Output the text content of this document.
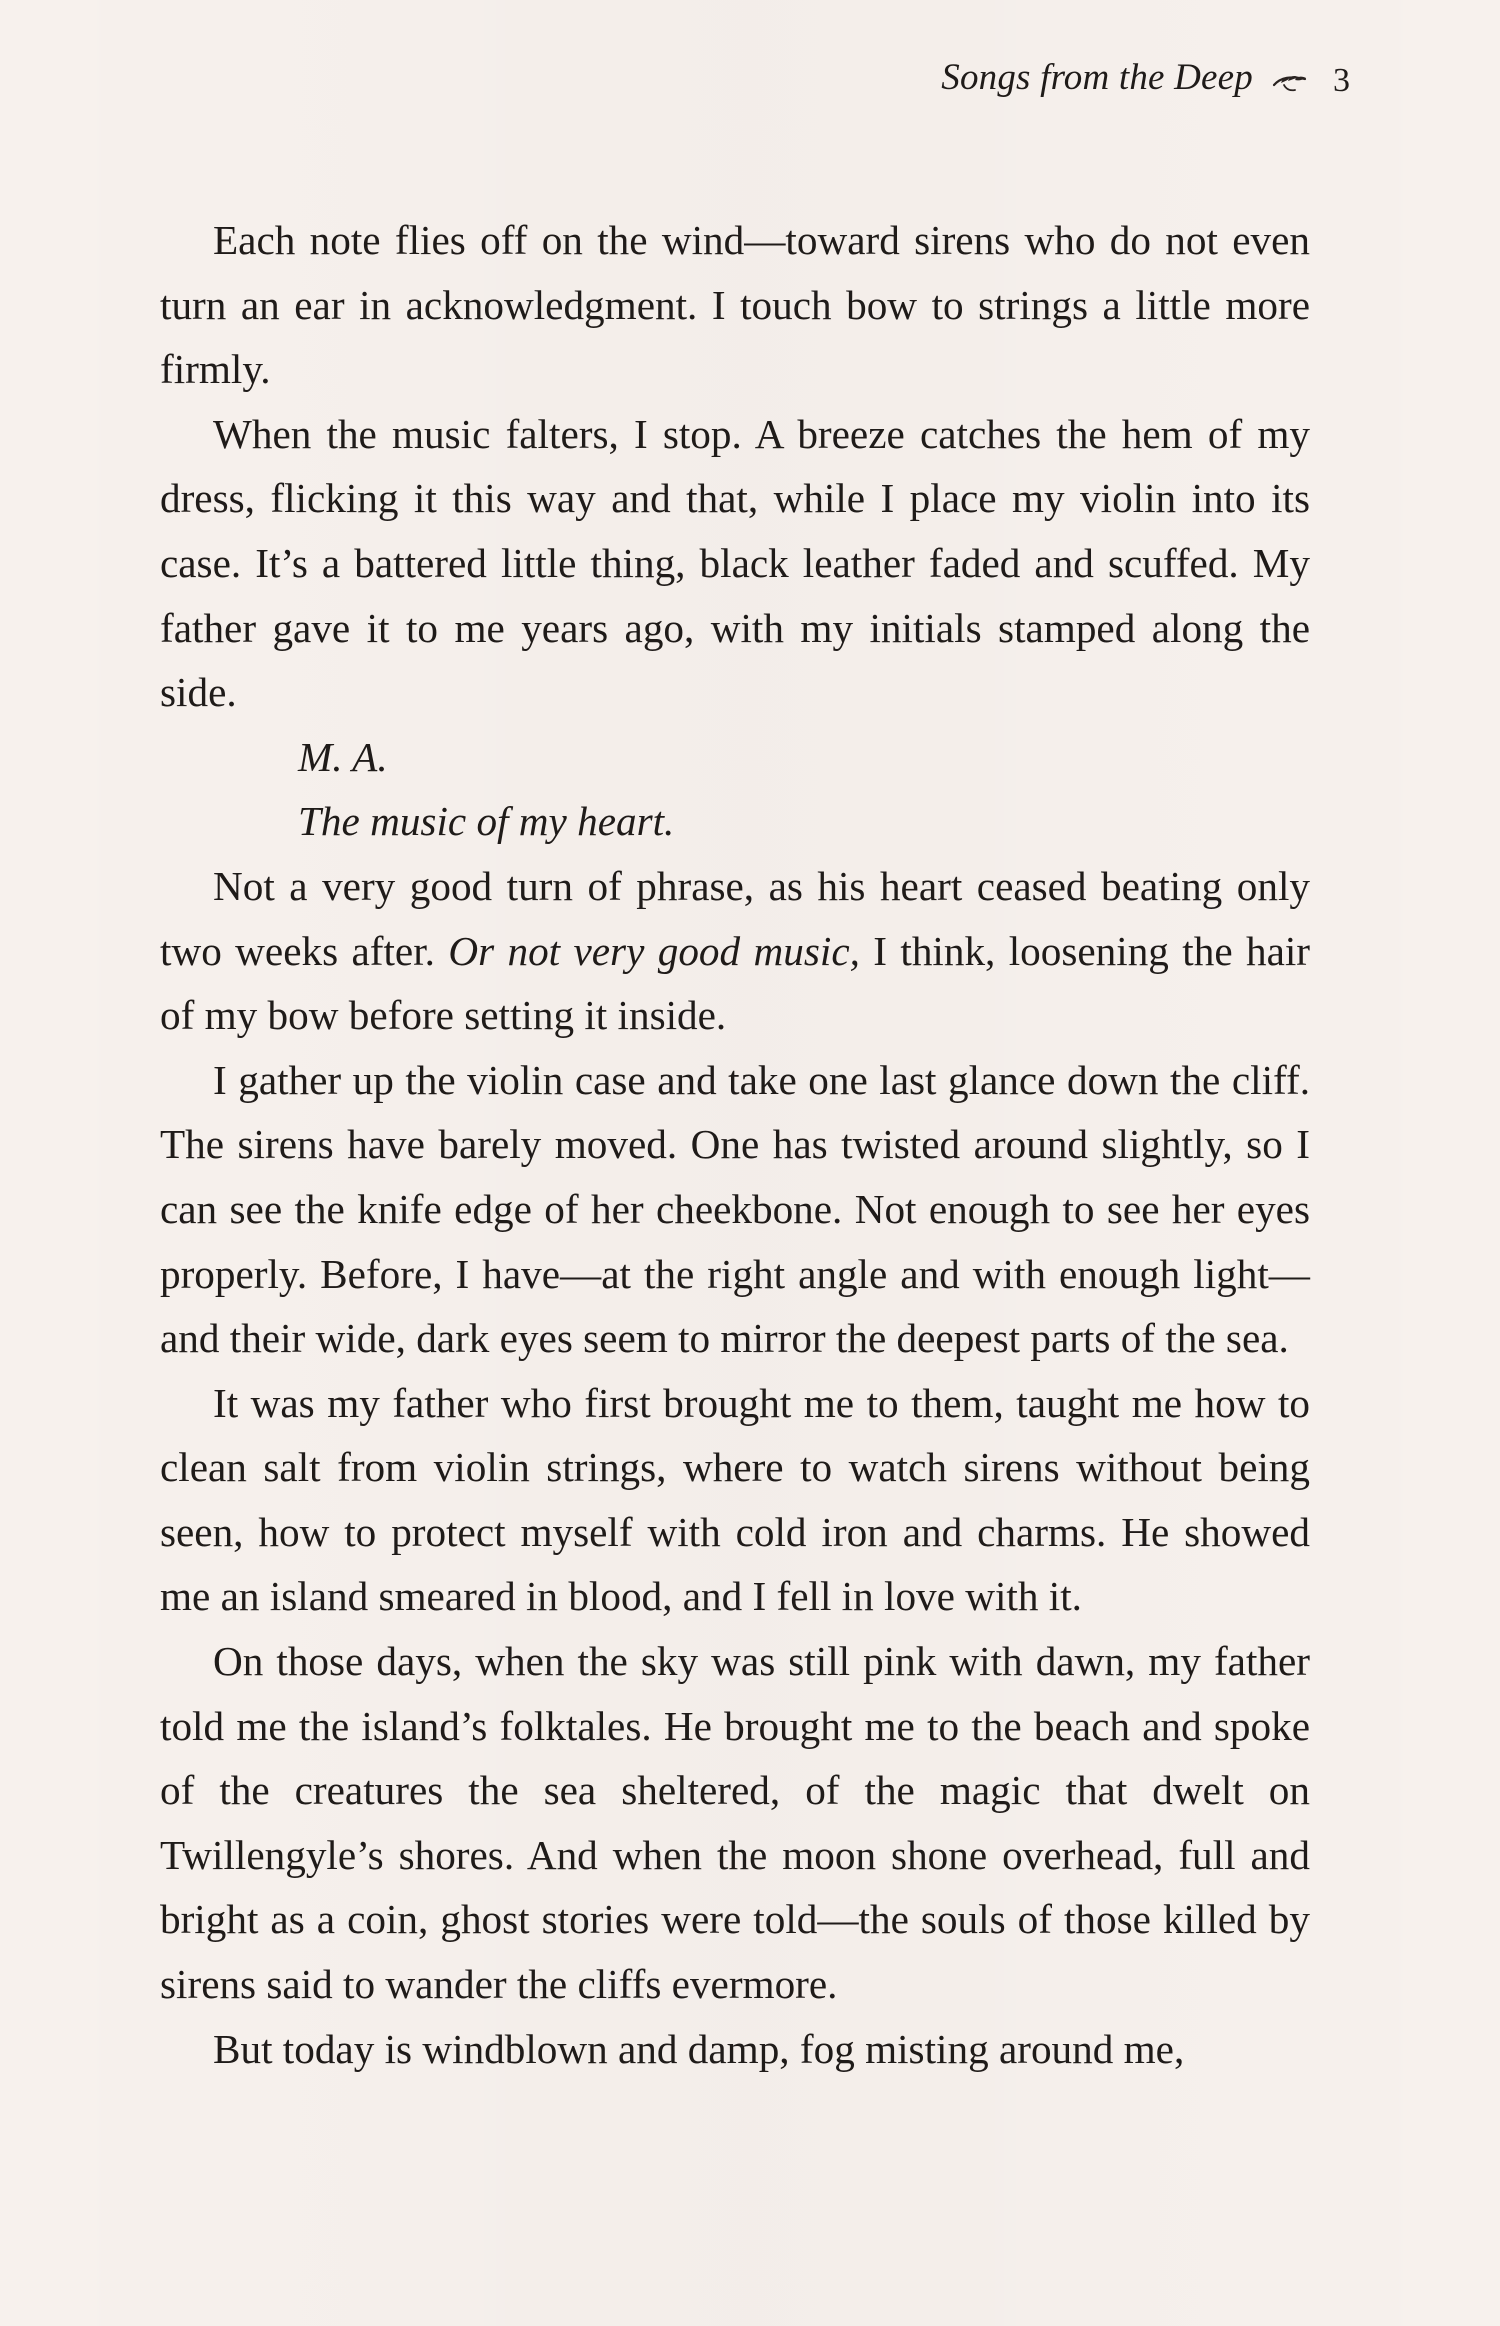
Songs from the Deep 3

Each note flies off on the wind—toward sirens who do not even turn an ear in acknowledgment. I touch bow to strings a little more firmly.

When the music falters, I stop. A breeze catches the hem of my dress, flicking it this way and that, while I place my violin into its case. It’s a battered little thing, black leather faded and scuffed. My father gave it to me years ago, with my initials stamped along the side.

M. A.

The music of my heart.

Not a very good turn of phrase, as his heart ceased beating only two weeks after. Or not very good music, I think, loosening the hair of my bow before setting it inside.

I gather up the violin case and take one last glance down the cliff. The sirens have barely moved. One has twisted around slightly, so I can see the knife edge of her cheekbone. Not enough to see her eyes properly. Before, I have—at the right angle and with enough light—and their wide, dark eyes seem to mirror the deepest parts of the sea.

It was my father who first brought me to them, taught me how to clean salt from violin strings, where to watch sirens without being seen, how to protect myself with cold iron and charms. He showed me an island smeared in blood, and I fell in love with it.

On those days, when the sky was still pink with dawn, my father told me the island’s folktales. He brought me to the beach and spoke of the creatures the sea sheltered, of the magic that dwelt on Twillengyle’s shores. And when the moon shone overhead, full and bright as a coin, ghost stories were told—the souls of those killed by sirens said to wander the cliffs evermore.

But today is windblown and damp, fog misting around me,
